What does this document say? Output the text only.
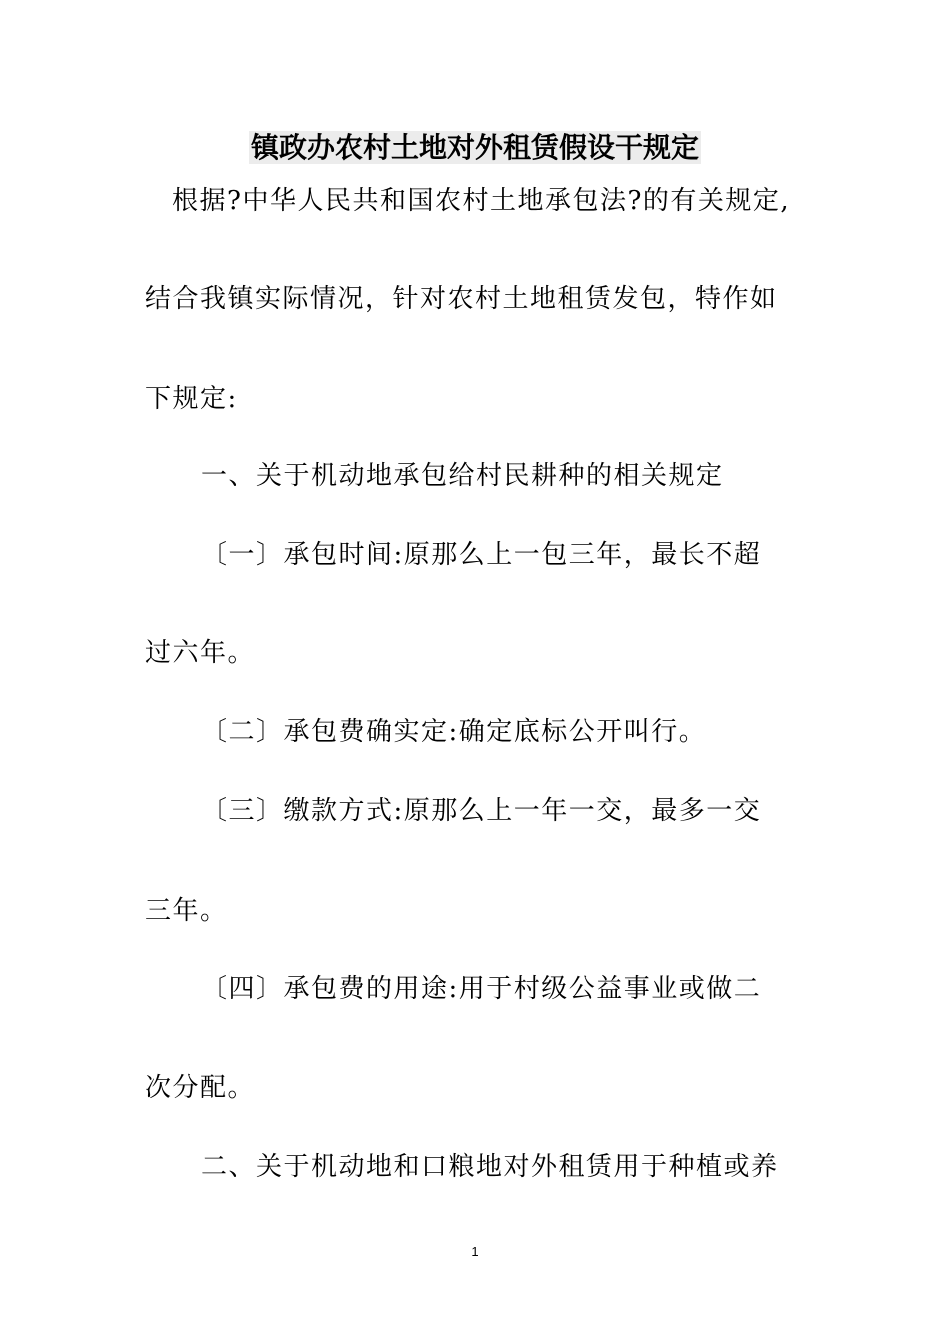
镇政办农村土地对外租赁假设干规定
根据?中华人民共和国农村土地承包法?的有关规定,
结合我镇实际情况，针对农村土地租赁发包，特作如
下规定:
一、关于机动地承包给村民耕种的相关规定
〔一〕承包时间:原那么上一包三年，最长不超
过六年。
〔二〕承包费确实定:确定底标公开叫行。
〔三〕缴款方式:原那么上一年一交，最多一交
三年。
〔四〕承包费的用途:用于村级公益事业或做二
次分配。
二、关于机动地和口粮地对外租赁用于种植或养
1
